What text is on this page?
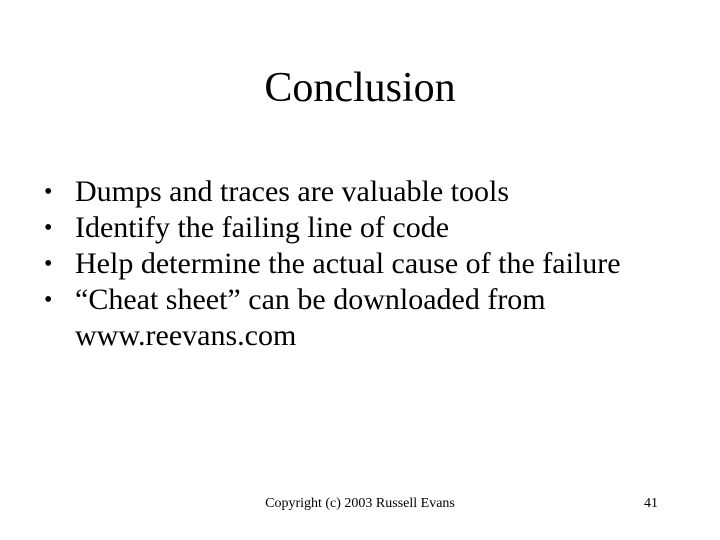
Conclusion
• Dumps and traces are valuable tools
• Identify the failing line of code
• Help determine the actual cause of the failure
• “Cheat sheet” can be downloaded from www.reevans.com
Copyright (c) 2003 Russell Evans	41
